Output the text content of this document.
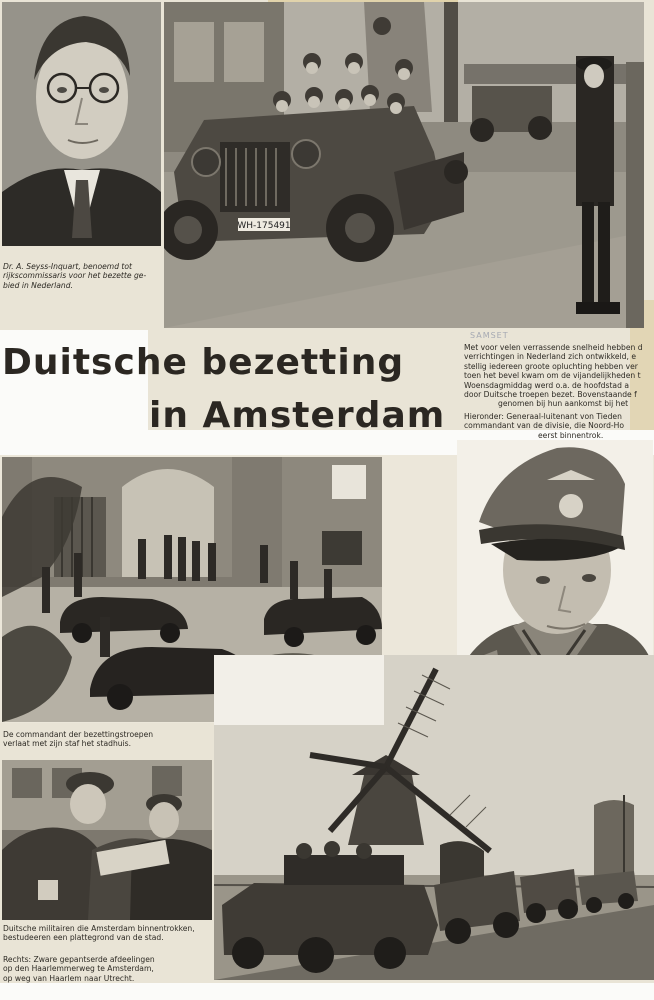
Dr. A. Seyss-Inquart, benoemd tot
rijkscommissaris voor het bezette ge-
bied in Nederland.
WH-175491
Duitsche bezetting
in Amsterdam
SAMSET
Met voor velen verrassende snelheid hebben d
verrichtingen in Nederland zich ontwikkeld, e
stellig iedereen groote opluchting hebben ver
toen het bevel kwam om de vijandelijkheden t
Woensdagmiddag werd o.a. de hoofdstad a
door Duitsche troepen bezet. Bovenstaande f
genomen bij hun aankomst bij het
Hieronder: Generaal-luitenant von Tieden
commandant van de divisie, die Noord-Ho
eerst binnentrok.
De commandant der bezettingstroepen
verlaat met zijn staf het stadhuis.
Duitsche militairen die Amsterdam binnentrokken,
bestudeeren een plattegrond van de stad.
Rechts: Zware gepantserde afdeelingen
op den Haarlemmerweg te Amsterdam,
op weg van Haarlem naar Utrecht.
